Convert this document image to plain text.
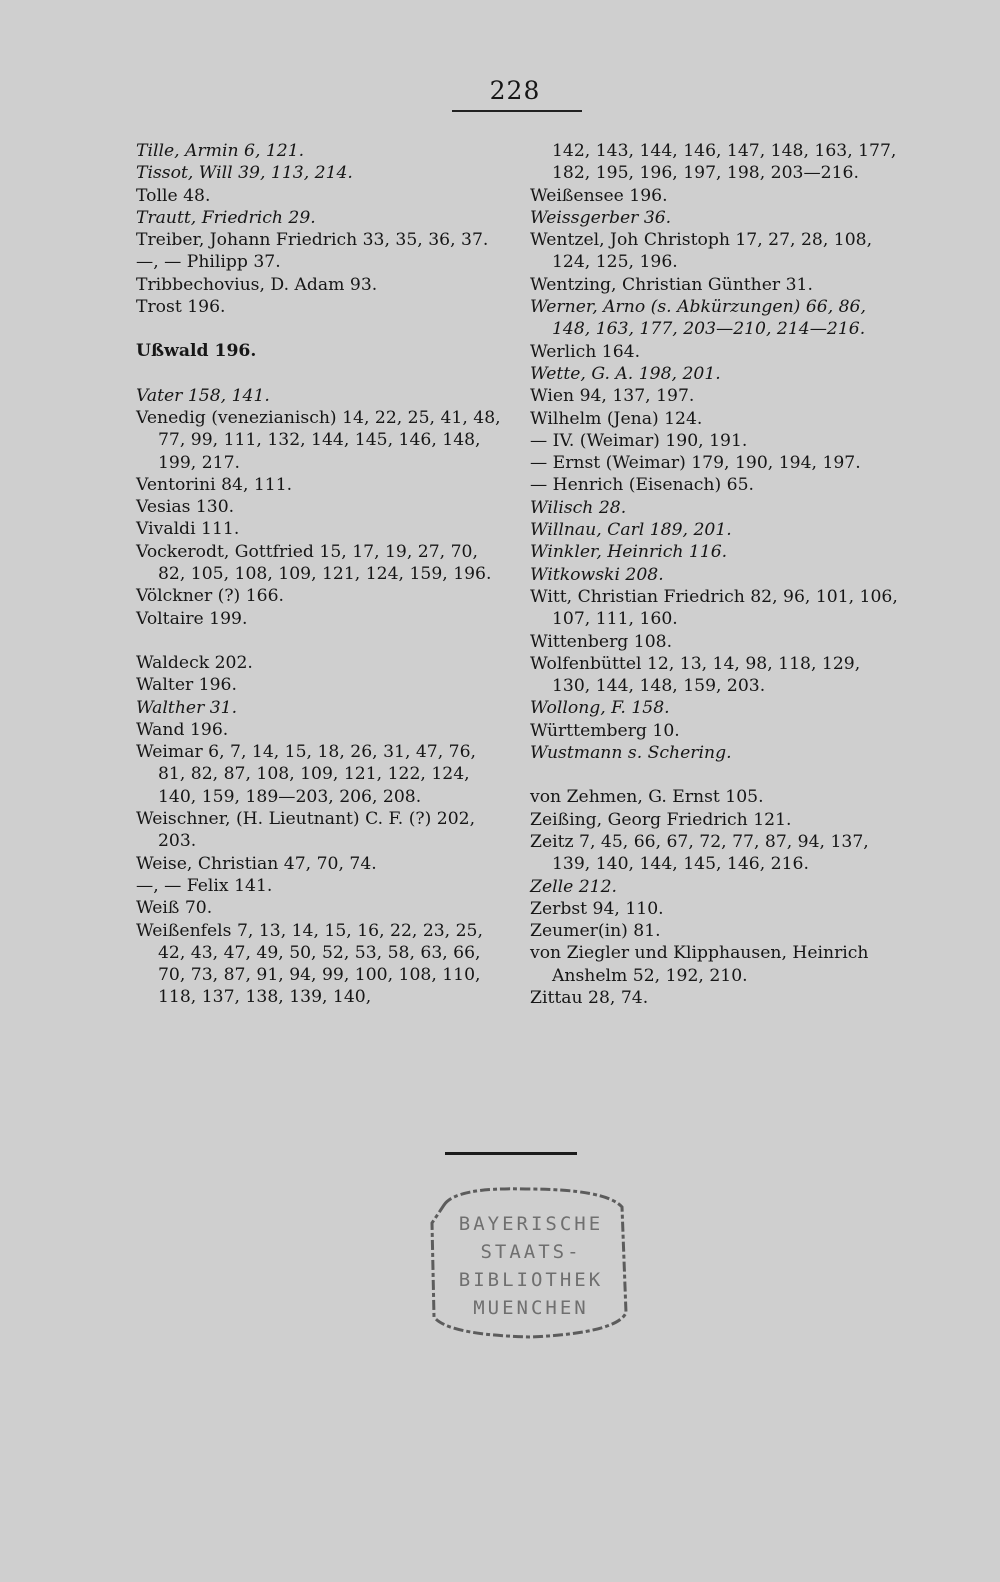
228
Tille, Armin 6, 121.
Tissot, Will 39, 113, 214.
Tolle 48.
Trautt, Friedrich 29.
Treiber, Johann Friedrich 33, 35, 36, 37.
—, — Philipp 37.
Tribbechovius, D. Adam 93.
Trost 196.
Ußwald 196.
Vater 158, 141.
Venedig (venezianisch) 14, 22, 25, 41, 48, 77, 99, 111, 132, 144, 145, 146, 148, 199, 217.
Ventorini 84, 111.
Vesias 130.
Vivaldi 111.
Vockerodt, Gottfried 15, 17, 19, 27, 70, 82, 105, 108, 109, 121, 124, 159, 196.
Völckner (?) 166.
Voltaire 199.
Waldeck 202.
Walter 196.
Walther 31.
Wand 196.
Weimar 6, 7, 14, 15, 18, 26, 31, 47, 76, 81, 82, 87, 108, 109, 121, 122, 124, 140, 159, 189—203, 206, 208.
Weischner, (H. Lieutnant) C. F. (?) 202, 203.
Weise, Christian 47, 70, 74.
—, — Felix 141.
Weiß 70.
Weißenfels 7, 13, 14, 15, 16, 22, 23, 25, 42, 43, 47, 49, 50, 52, 53, 58, 63, 66, 70, 73, 87, 91, 94, 99, 100, 108, 110, 118, 137, 138, 139, 140,
142, 143, 144, 146, 147, 148, 163, 177, 182, 195, 196, 197, 198, 203—216.
Weißensee 196.
Weissgerber 36.
Wentzel, Joh Christoph 17, 27, 28, 108, 124, 125, 196.
Wentzing, Christian Günther 31.
Werner, Arno (s. Abkürzungen) 66, 86, 148, 163, 177, 203—210, 214—216.
Werlich 164.
Wette, G. A. 198, 201.
Wien 94, 137, 197.
Wilhelm (Jena) 124.
— IV. (Weimar) 190, 191.
— Ernst (Weimar) 179, 190, 194, 197.
— Henrich (Eisenach) 65.
Wilisch 28.
Willnau, Carl 189, 201.
Winkler, Heinrich 116.
Witkowski 208.
Witt, Christian Friedrich 82, 96, 101, 106, 107, 111, 160.
Wittenberg 108.
Wolfenbüttel 12, 13, 14, 98, 118, 129, 130, 144, 148, 159, 203.
Wollong, F. 158.
Württemberg 10.
Wustmann s. Schering.
von Zehmen, G. Ernst 105.
Zeißing, Georg Friedrich 121.
Zeitz 7, 45, 66, 67, 72, 77, 87, 94, 137, 139, 140, 144, 145, 146, 216.
Zelle 212.
Zerbst 94, 110.
Zeumer(in) 81.
von Ziegler und Klipphausen, Heinrich Anshelm 52, 192, 210.
Zittau 28, 74.
BAYERISCHE
STAATS-
BIBLIOTHEK
MUENCHEN
